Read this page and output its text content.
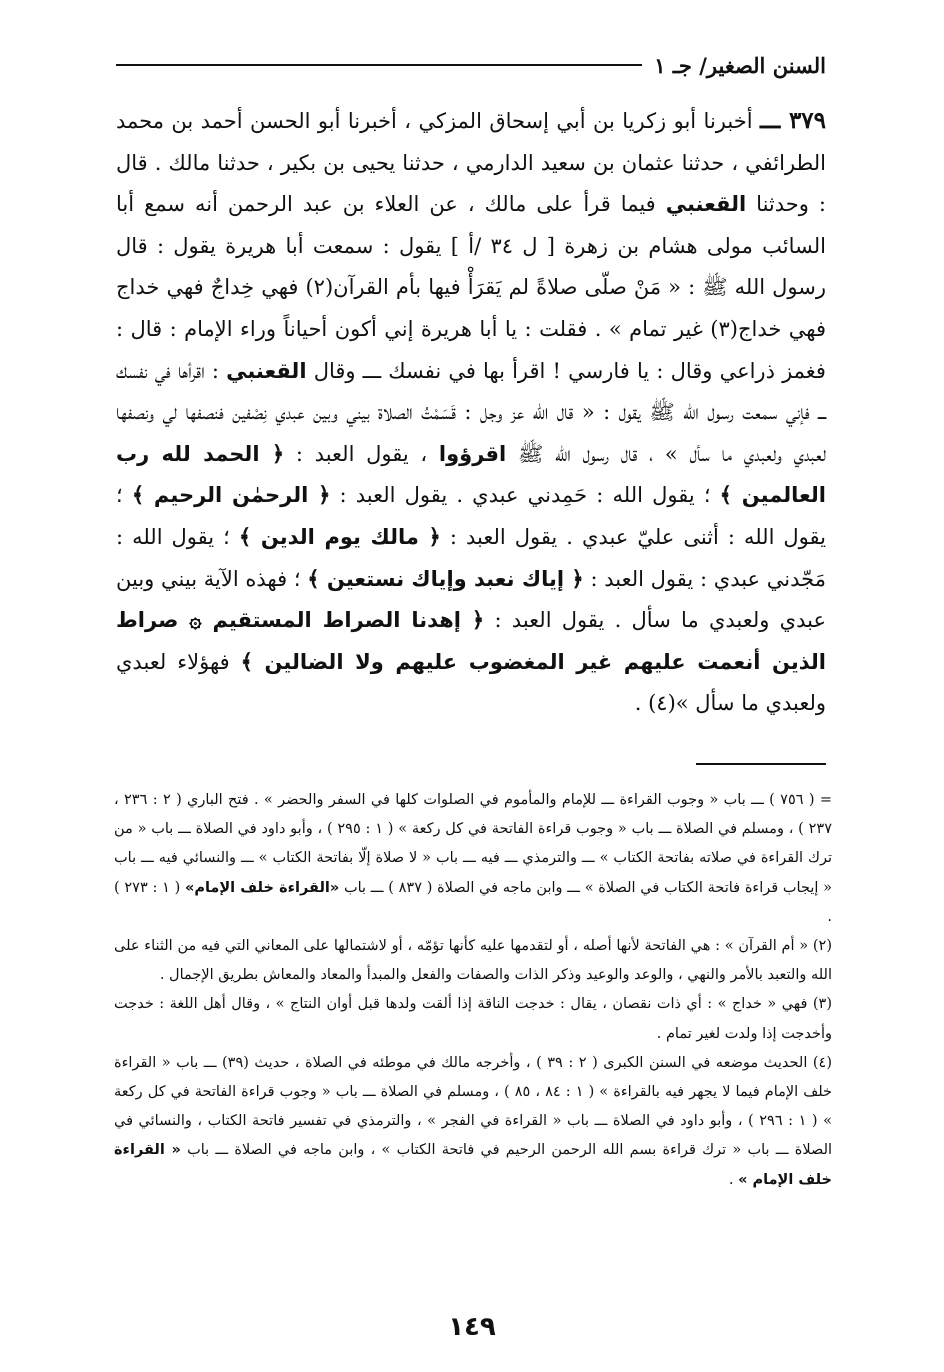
السنن الصغير/ جـ ١
٣٧٩ ـــ أخبرنا أبو زكريا بن أبي إسحاق المزكي ، أخبرنا أبو الحسن أحمد بن محمد الطرائفي ، حدثنا عثمان بن سعيد الدارمي ، حدثنا يحيى بن بكير ، حدثنا مالك . قال : وحدثنا القعنبي فيما قرأ على مالك ، عن العلاء بن عبد الرحمن أنه سمع أبا السائب مولى هشام بن زهرة [ ل ٣٤ /أ ] يقول : سمعت أبا هريرة يقول : قال رسول الله ﷺ : « مَنْ صلّى صلاةً لم يَقرَأْ فيها بأم القرآن(٢) فهي خِداجٌ فهي خداج فهي خداج(٣) غير تمام » . فقلت : يا أبا هريرة إني أكون أحياناً وراء الإمام : قال : فغمز ذراعي وقال : يا فارسي ! اقرأ بها في نفسك ـــ وقال القعنبي : اقرأها في نفسك ـــ فإني سمعت رسول الله ﷺ يقول : « قال الله عز وجل : قَسَمْتُ الصلاة بيني وبين عبدي نِصْفين فنصفها لي ونصفها لعبدي ولعبدي ما سأل » ، قال رسول الله ﷺ اقرؤوا ، يقول العبد : ﴿ الحمد لله رب العالمين ﴾ ؛ يقول الله : حَمِدني عبدي . يقول العبد : ﴿ الرحمٰن الرحيم ﴾ ؛ يقول الله : أثنى عليّ عبدي . يقول العبد : ﴿ مالك يوم الدين ﴾ ؛ يقول الله : مَجّدني عبدي : يقول العبد : ﴿ إياك نعبد وإياك نستعين ﴾ ؛ فهذه الآية بيني وبين عبدي ولعبدي ما سأل . يقول العبد : ﴿ إهدنا الصراط المستقيم ۞ صراط الذين أنعمت عليهم غير المغضوب عليهم ولا الضالين ﴾ فهؤلاء لعبدي ولعبدي ما سأل »(٤) .

= ( ٧٥٦ ) ـــ باب « وجوب القراءة ـــ للإمام والمأموم في الصلوات كلها في السفر والحضر » . فتح الباري ( ٢ : ٢٣٦ ، ٢٣٧ ) ، ومسلم في الصلاة ـــ باب « وجوب قراءة الفاتحة في كل ركعة » ( ١ : ٢٩٥ ) ، وأبو داود في الصلاة ـــ باب « من ترك القراءة في صلاته بفاتحة الكتاب » ـــ والترمذي ـــ فيه ـــ باب « لا صلاة إلّا بفاتحة الكتاب » ـــ والنسائي فيه ـــ باب « إيجاب قراءة فاتحة الكتاب في الصلاة » ـــ وابن ماجه في الصلاة ( ٨٣٧ ) ـــ باب «القراءة خلف الإمام» ( ١ : ٢٧٣ ) .

(٢) « أم القرآن » : هي الفاتحة لأنها أصله ، أو لتقدمها عليه كأنها تؤمّه ، أو لاشتمالها على المعاني التي فيه من الثناء على الله والتعبد بالأمر والنهي ، والوعد والوعيد وذكر الذات والصفات والفعل والمبدأ والمعاد والمعاش بطريق الإجمال .

(٣) فهي « خداج » : أي ذات نقصان ، يقال : خدجت الناقة إذا ألقت ولدها قبل أوان النتاج » ، وقال أهل اللغة : خدجت وأخدجت إذا ولدت لغير تمام .

(٤) الحديث موضعه في السنن الكبرى ( ٢ : ٣٩ ) ، وأخرجه مالك في موطئه في الصلاة ، حديث (٣٩) ـــ باب « القراءة خلف الإمام فيما لا يجهر فيه بالقراءة » ( ١ : ٨٤ ، ٨٥ ) ، ومسلم في الصلاة ـــ باب « وجوب قراءة الفاتحة في كل ركعة » ( ١ : ٢٩٦ ) ، وأبو داود في الصلاة ـــ باب « القراءة في الفجر » ، والترمذي في تفسير فاتحة الكتاب ، والنسائي في الصلاة ـــ باب « ترك قراءة بسم الله الرحمن الرحيم في فاتحة الكتاب » ، وابن ماجه في الصلاة ـــ باب « القراءة خلف الإمام » .

١٤٩
